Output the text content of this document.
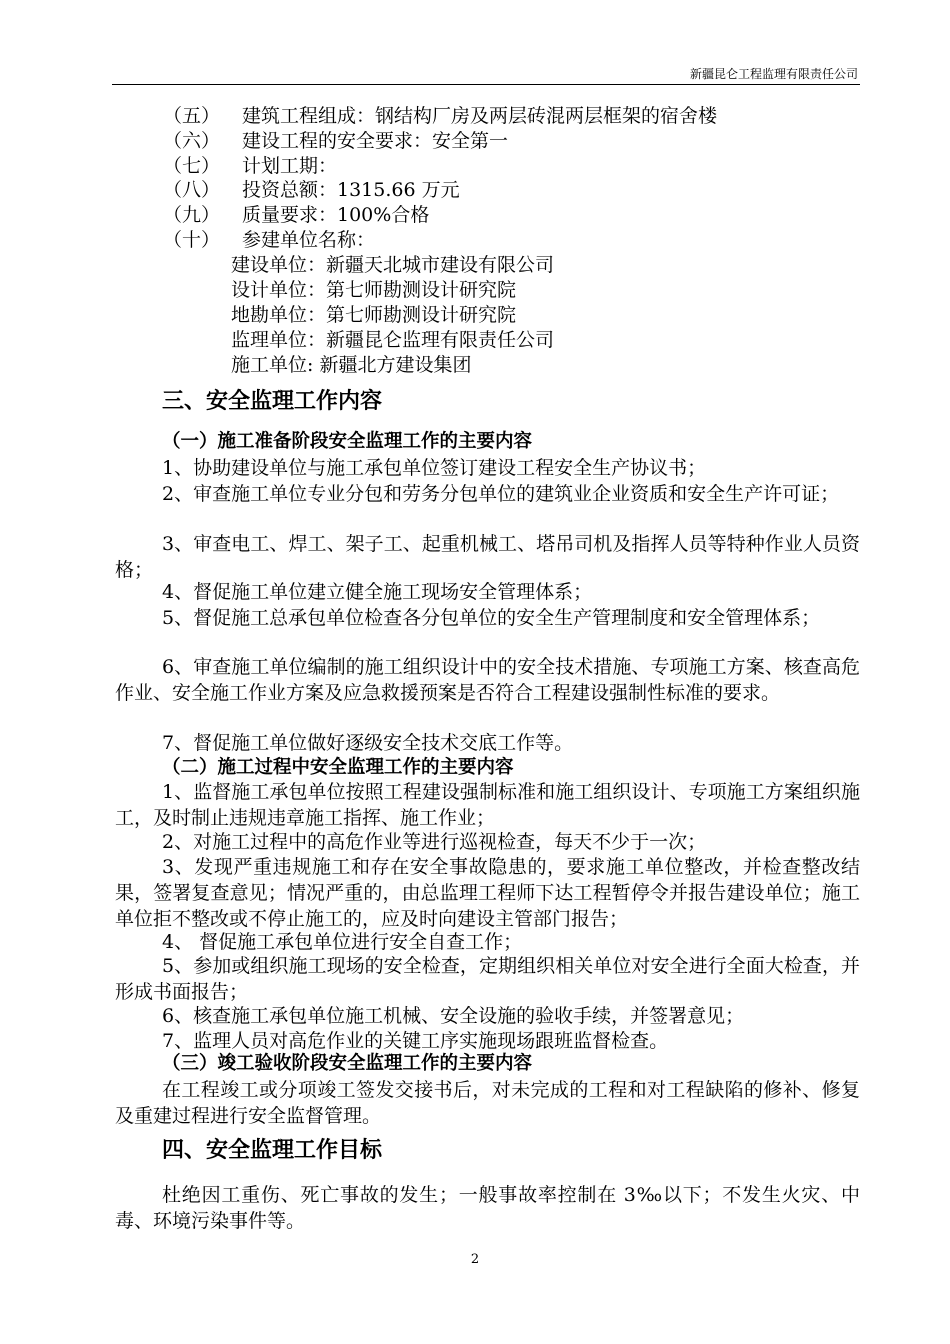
新疆昆仑工程监理有限责任公司
（五） 建筑工程组成：钢结构厂房及两层砖混两层框架的宿舍楼
（六） 建设工程的安全要求：安全第一
（七） 计划工期：
（八） 投资总额：1315.66 万元
（九） 质量要求：100%合格
（十） 参建单位名称：
建设单位：新疆天北城市建设有限公司
设计单位：第七师勘测设计研究院
地勘单位：第七师勘测设计研究院
监理单位：新疆昆仑监理有限责任公司
施工单位: 新疆北方建设集团
三、安全监理工作内容
（一）施工准备阶段安全监理工作的主要内容
1、协助建设单位与施工承包单位签订建设工程安全生产协议书；
2、审查施工单位专业分包和劳务分包单位的建筑业企业资质和安全生产许可证；
3、审查电工、焊工、架子工、起重机械工、塔吊司机及指挥人员等特种作业人员资格；
4、督促施工单位建立健全施工现场安全管理体系；
5、督促施工总承包单位检查各分包单位的安全生产管理制度和安全管理体系；
6、审查施工单位编制的施工组织设计中的安全技术措施、专项施工方案、核查高危作业、安全施工作业方案及应急救援预案是否符合工程建设强制性标准的要求。
7、督促施工单位做好逐级安全技术交底工作等。
（二）施工过程中安全监理工作的主要内容
1、监督施工承包单位按照工程建设强制标准和施工组织设计、专项施工方案组织施工，及时制止违规违章施工指挥、施工作业；
2、对施工过程中的高危作业等进行巡视检查，每天不少于一次；
3、发现严重违规施工和存在安全事故隐患的，要求施工单位整改，并检查整改结果，签署复查意见；情况严重的，由总监理工程师下达工程暂停令并报告建设单位；施工单位拒不整改或不停止施工的，应及时向建设主管部门报告；
4、 督促施工承包单位进行安全自查工作；
5、参加或组织施工现场的安全检查，定期组织相关单位对安全进行全面大检查，并形成书面报告；
6、核查施工承包单位施工机械、安全设施的验收手续，并签署意见；
7、监理人员对高危作业的关键工序实施现场跟班监督检查。
（三）竣工验收阶段安全监理工作的主要内容
在工程竣工或分项竣工签发交接书后，对未完成的工程和对工程缺陷的修补、修复及重建过程进行安全监督管理。
四、安全监理工作目标
杜绝因工重伤、死亡事故的发生；一般事故率控制在 3‰以下；不发生火灾、中毒、环境污染事件等。
2
